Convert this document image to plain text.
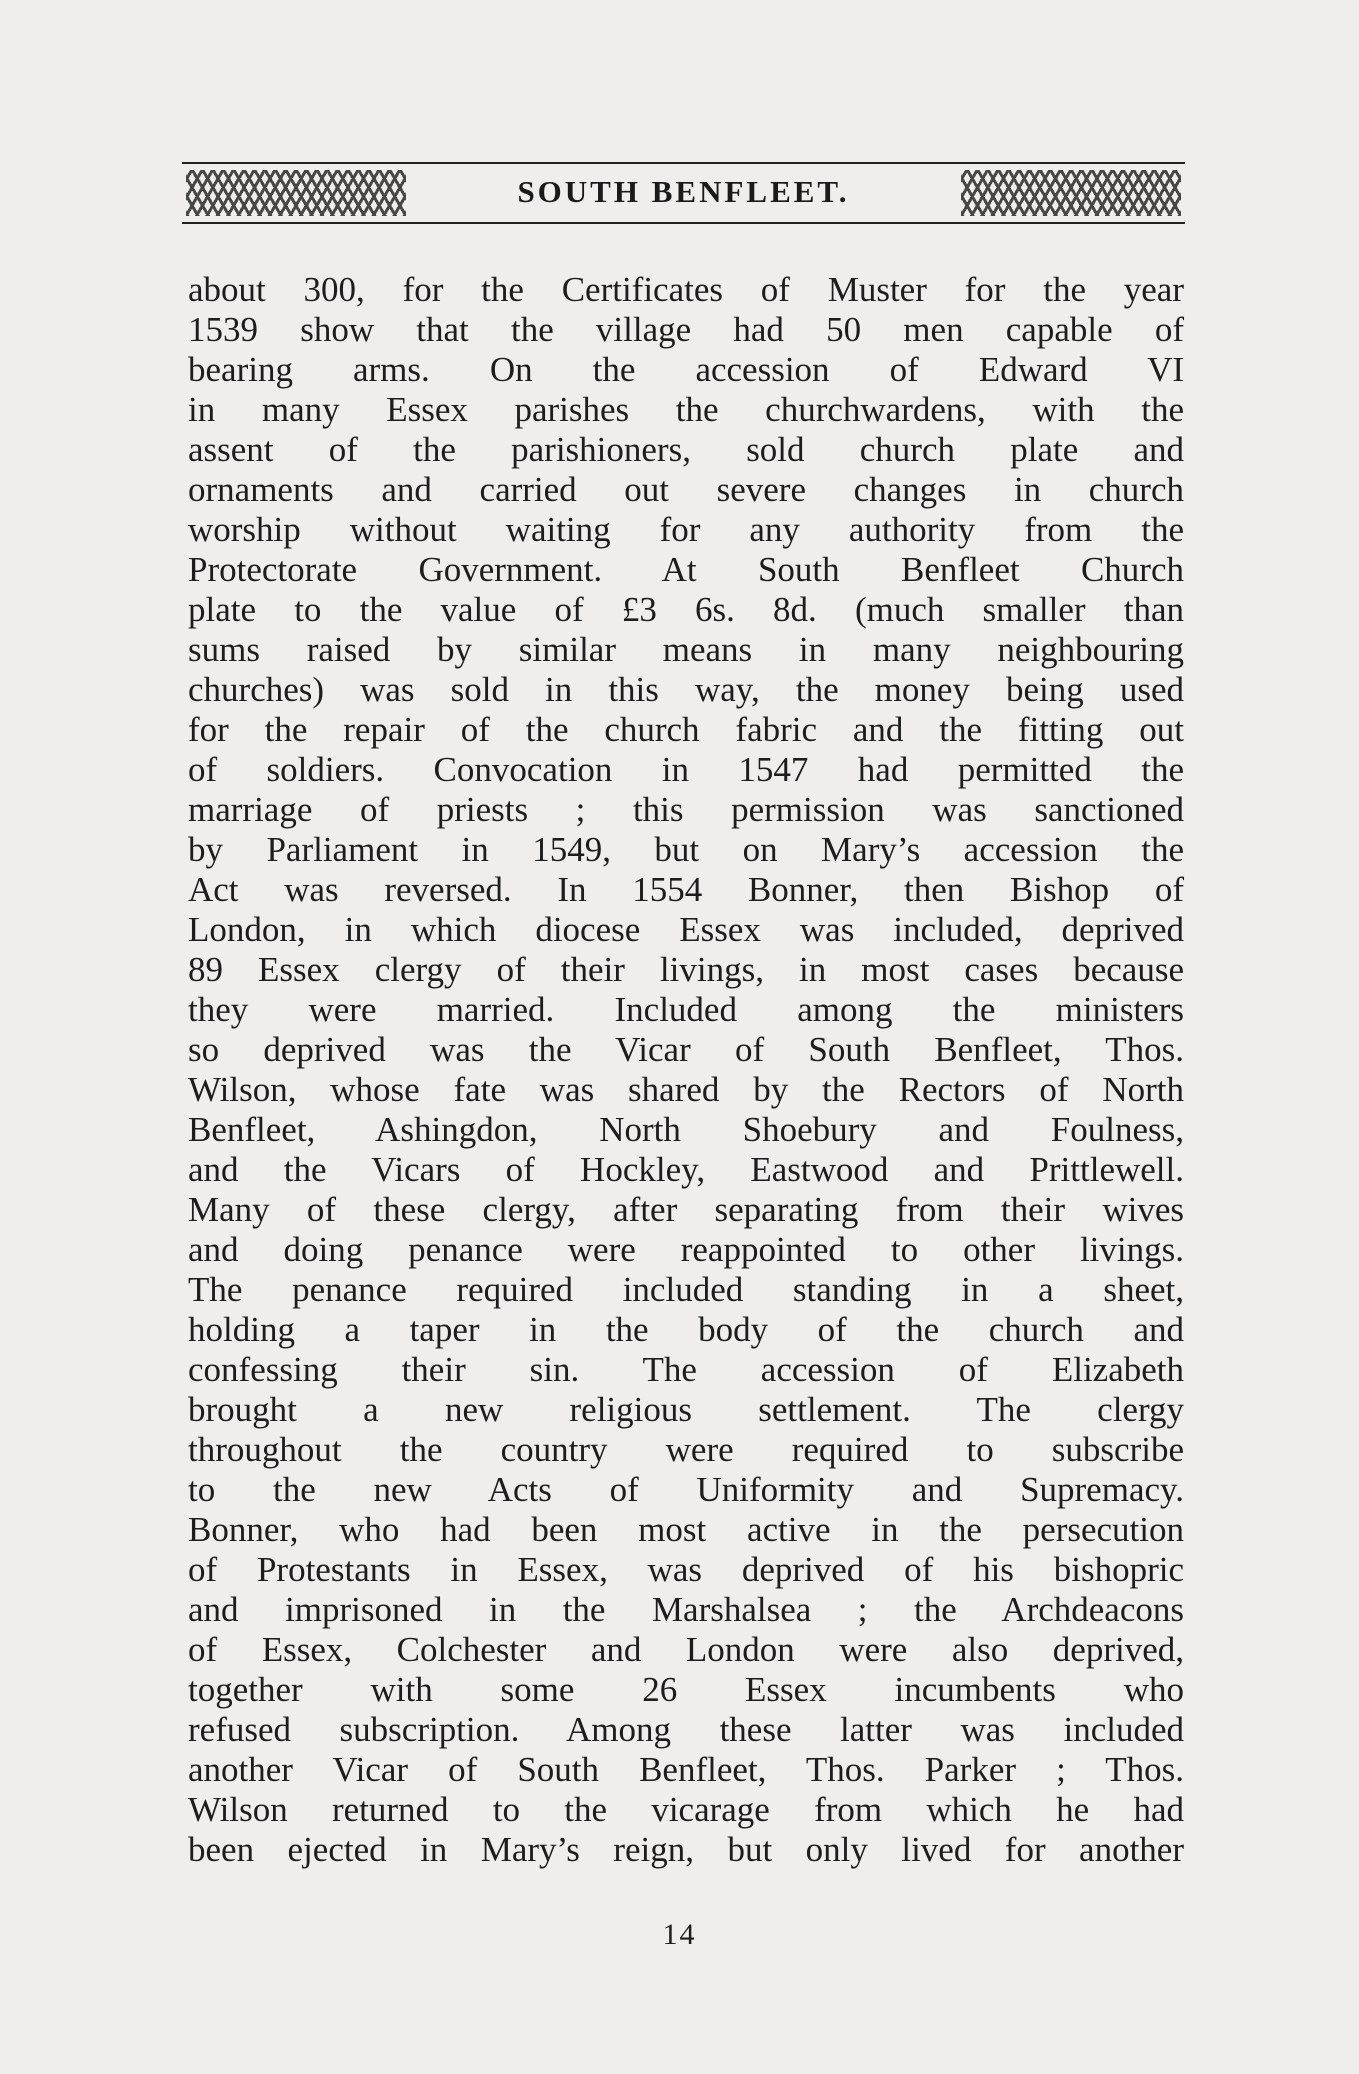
SOUTH BENFLEET.
about 300, for the Certificates of Muster for the year
1539 show that the village had 50 men capable of
bearing arms. On the accession of Edward VI
in many Essex parishes the churchwardens, with the
assent of the parishioners, sold church plate and
ornaments and carried out severe changes in church
worship without waiting for any authority from the
Protectorate Government. At South Benfleet Church
plate to the value of £3 6s. 8d. (much smaller than
sums raised by similar means in many neighbouring
churches) was sold in this way, the money being used
for the repair of the church fabric and the fitting out
of soldiers. Convocation in 1547 had permitted the
marriage of priests ; this permission was sanctioned
by Parliament in 1549, but on Mary’s accession the
Act was reversed. In 1554 Bonner, then Bishop of
London, in which diocese Essex was included, deprived
89 Essex clergy of their livings, in most cases because
they were married. Included among the ministers
so deprived was the Vicar of South Benfleet, Thos.
Wilson, whose fate was shared by the Rectors of North
Benfleet, Ashingdon, North Shoebury and Foulness,
and the Vicars of Hockley, Eastwood and Prittlewell.
Many of these clergy, after separating from their wives
and doing penance were reappointed to other livings.
The penance required included standing in a sheet,
holding a taper in the body of the church and
confessing their sin. The accession of Elizabeth
brought a new religious settlement. The clergy
throughout the country were required to subscribe
to the new Acts of Uniformity and Supremacy.
Bonner, who had been most active in the persecution
of Protestants in Essex, was deprived of his bishopric
and imprisoned in the Marshalsea ; the Archdeacons
of Essex, Colchester and London were also deprived,
together with some 26 Essex incumbents who
refused subscription. Among these latter was included
another Vicar of South Benfleet, Thos. Parker ; Thos.
Wilson returned to the vicarage from which he had
been ejected in Mary’s reign, but only lived for another
14
